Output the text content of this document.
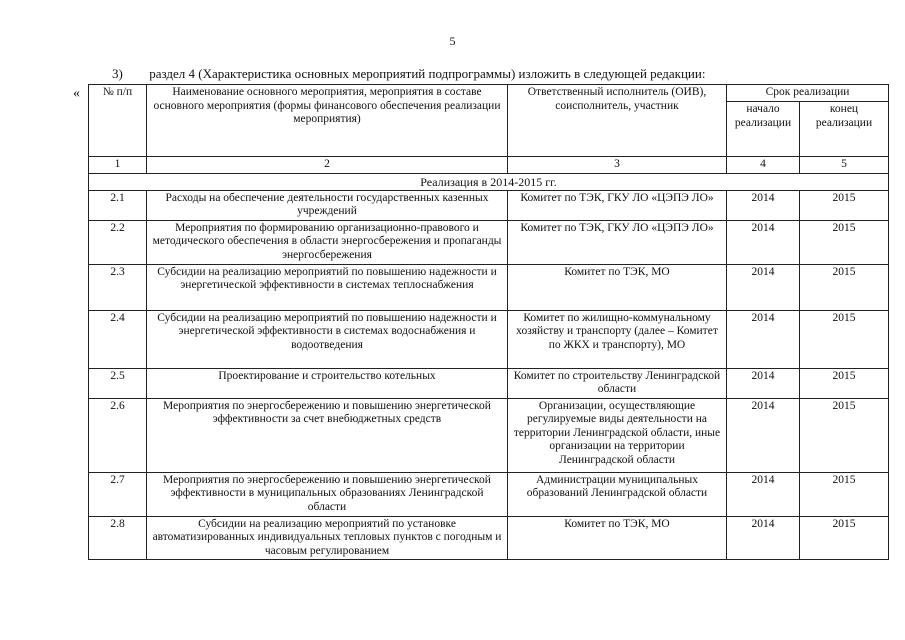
5
3) раздел 4 (Характеристика основных мероприятий подпрограммы) изложить в следующей редакции:
« № п/п	Наименование основного мероприятия, мероприятия в составе основного мероприятия (формы финансового обеспечения реализации мероприятия)	Ответственный исполнитель (ОИВ), соисполнитель, участник	Срок реализации	
			начало реализации	конец реализации
1	2	3	4	5
Реализация в 2014-2015 гг.				
2.1	Расходы на обеспечение деятельности государственных казенных учреждений	Комитет по ТЭК, ГКУ ЛО «ЦЭПЭ ЛО»	2014	2015
2.2	Мероприятия по формированию организационно-правового и методического обеспечения в области энергосбережения и пропаганды энергосбережения	Комитет по ТЭК, ГКУ ЛО «ЦЭПЭ ЛО»	2014	2015
2.3	Субсидии на реализацию мероприятий по повышению надежности и энергетической эффективности в системах теплоснабжения	Комитет по ТЭК, МО	2014	2015
2.4	Субсидии на реализацию мероприятий по повышению надежности и энергетической эффективности в системах водоснабжения и водоотведения	Комитет по жилищно-коммунальному хозяйству и транспорту (далее – Комитет по ЖКХ и транспорту), МО	2014	2015
2.5	Проектирование и строительство котельных	Комитет по строительству Ленинградской области	2014	2015
2.6	Мероприятия по энергосбережению и повышению энергетической эффективности за счет внебюджетных средств	Организации, осуществляющие регулируемые виды деятельности на территории Ленинградской области, иные организации на территории Ленинградской области	2014	2015
2.7	Мероприятия по энергосбережению и повышению энергетической эффективности в муниципальных образованиях Ленинградской области	Администрации муниципальных образований Ленинградской области	2014	2015
2.8	Субсидии на реализацию мероприятий по установке автоматизированных индивидуальных тепловых пунктов с погодным и часовым регулированием	Комитет по ТЭК, МО	2014	2015
